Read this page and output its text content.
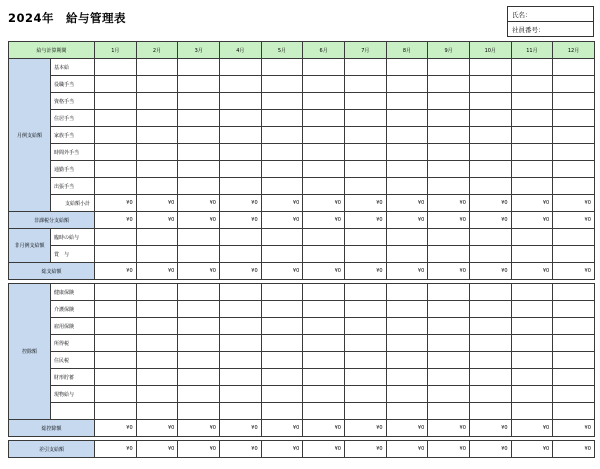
2024年 給与管理表	氏名：
社員番号：
給与計算期間		1月	2月	3月	4月	5月	6月	7月	8月	9月	10月	11月	12月
月例支給額	基本給												
	役職手当												
	資格手当												
	住居手当												
	家族手当												
	時間外手当												
	通勤手当												
	出張手当												
	支給額小計	¥0	¥0	¥0	¥0	¥0	¥0	¥0	¥0	¥0	¥0	¥0	¥0
非課税分支給額		¥0	¥0	¥0	¥0	¥0	¥0	¥0	¥0	¥0	¥0	¥0	¥0
非月例支給額	臨時の給与												
	賞　与												
総支給額		¥0	¥0	¥0	¥0	¥0	¥0	¥0	¥0	¥0	¥0	¥0	¥0

控除額	健康保険												
	介護保険												
	雇用保険												
	所得税												
	住民税												
	財形貯蓄												
	現物給与												

総控除額		¥0	¥0	¥0	¥0	¥0	¥0	¥0	¥0	¥0	¥0	¥0	¥0

差引支給額		¥0	¥0	¥0	¥0	¥0	¥0	¥0	¥0	¥0	¥0	¥0	¥0
